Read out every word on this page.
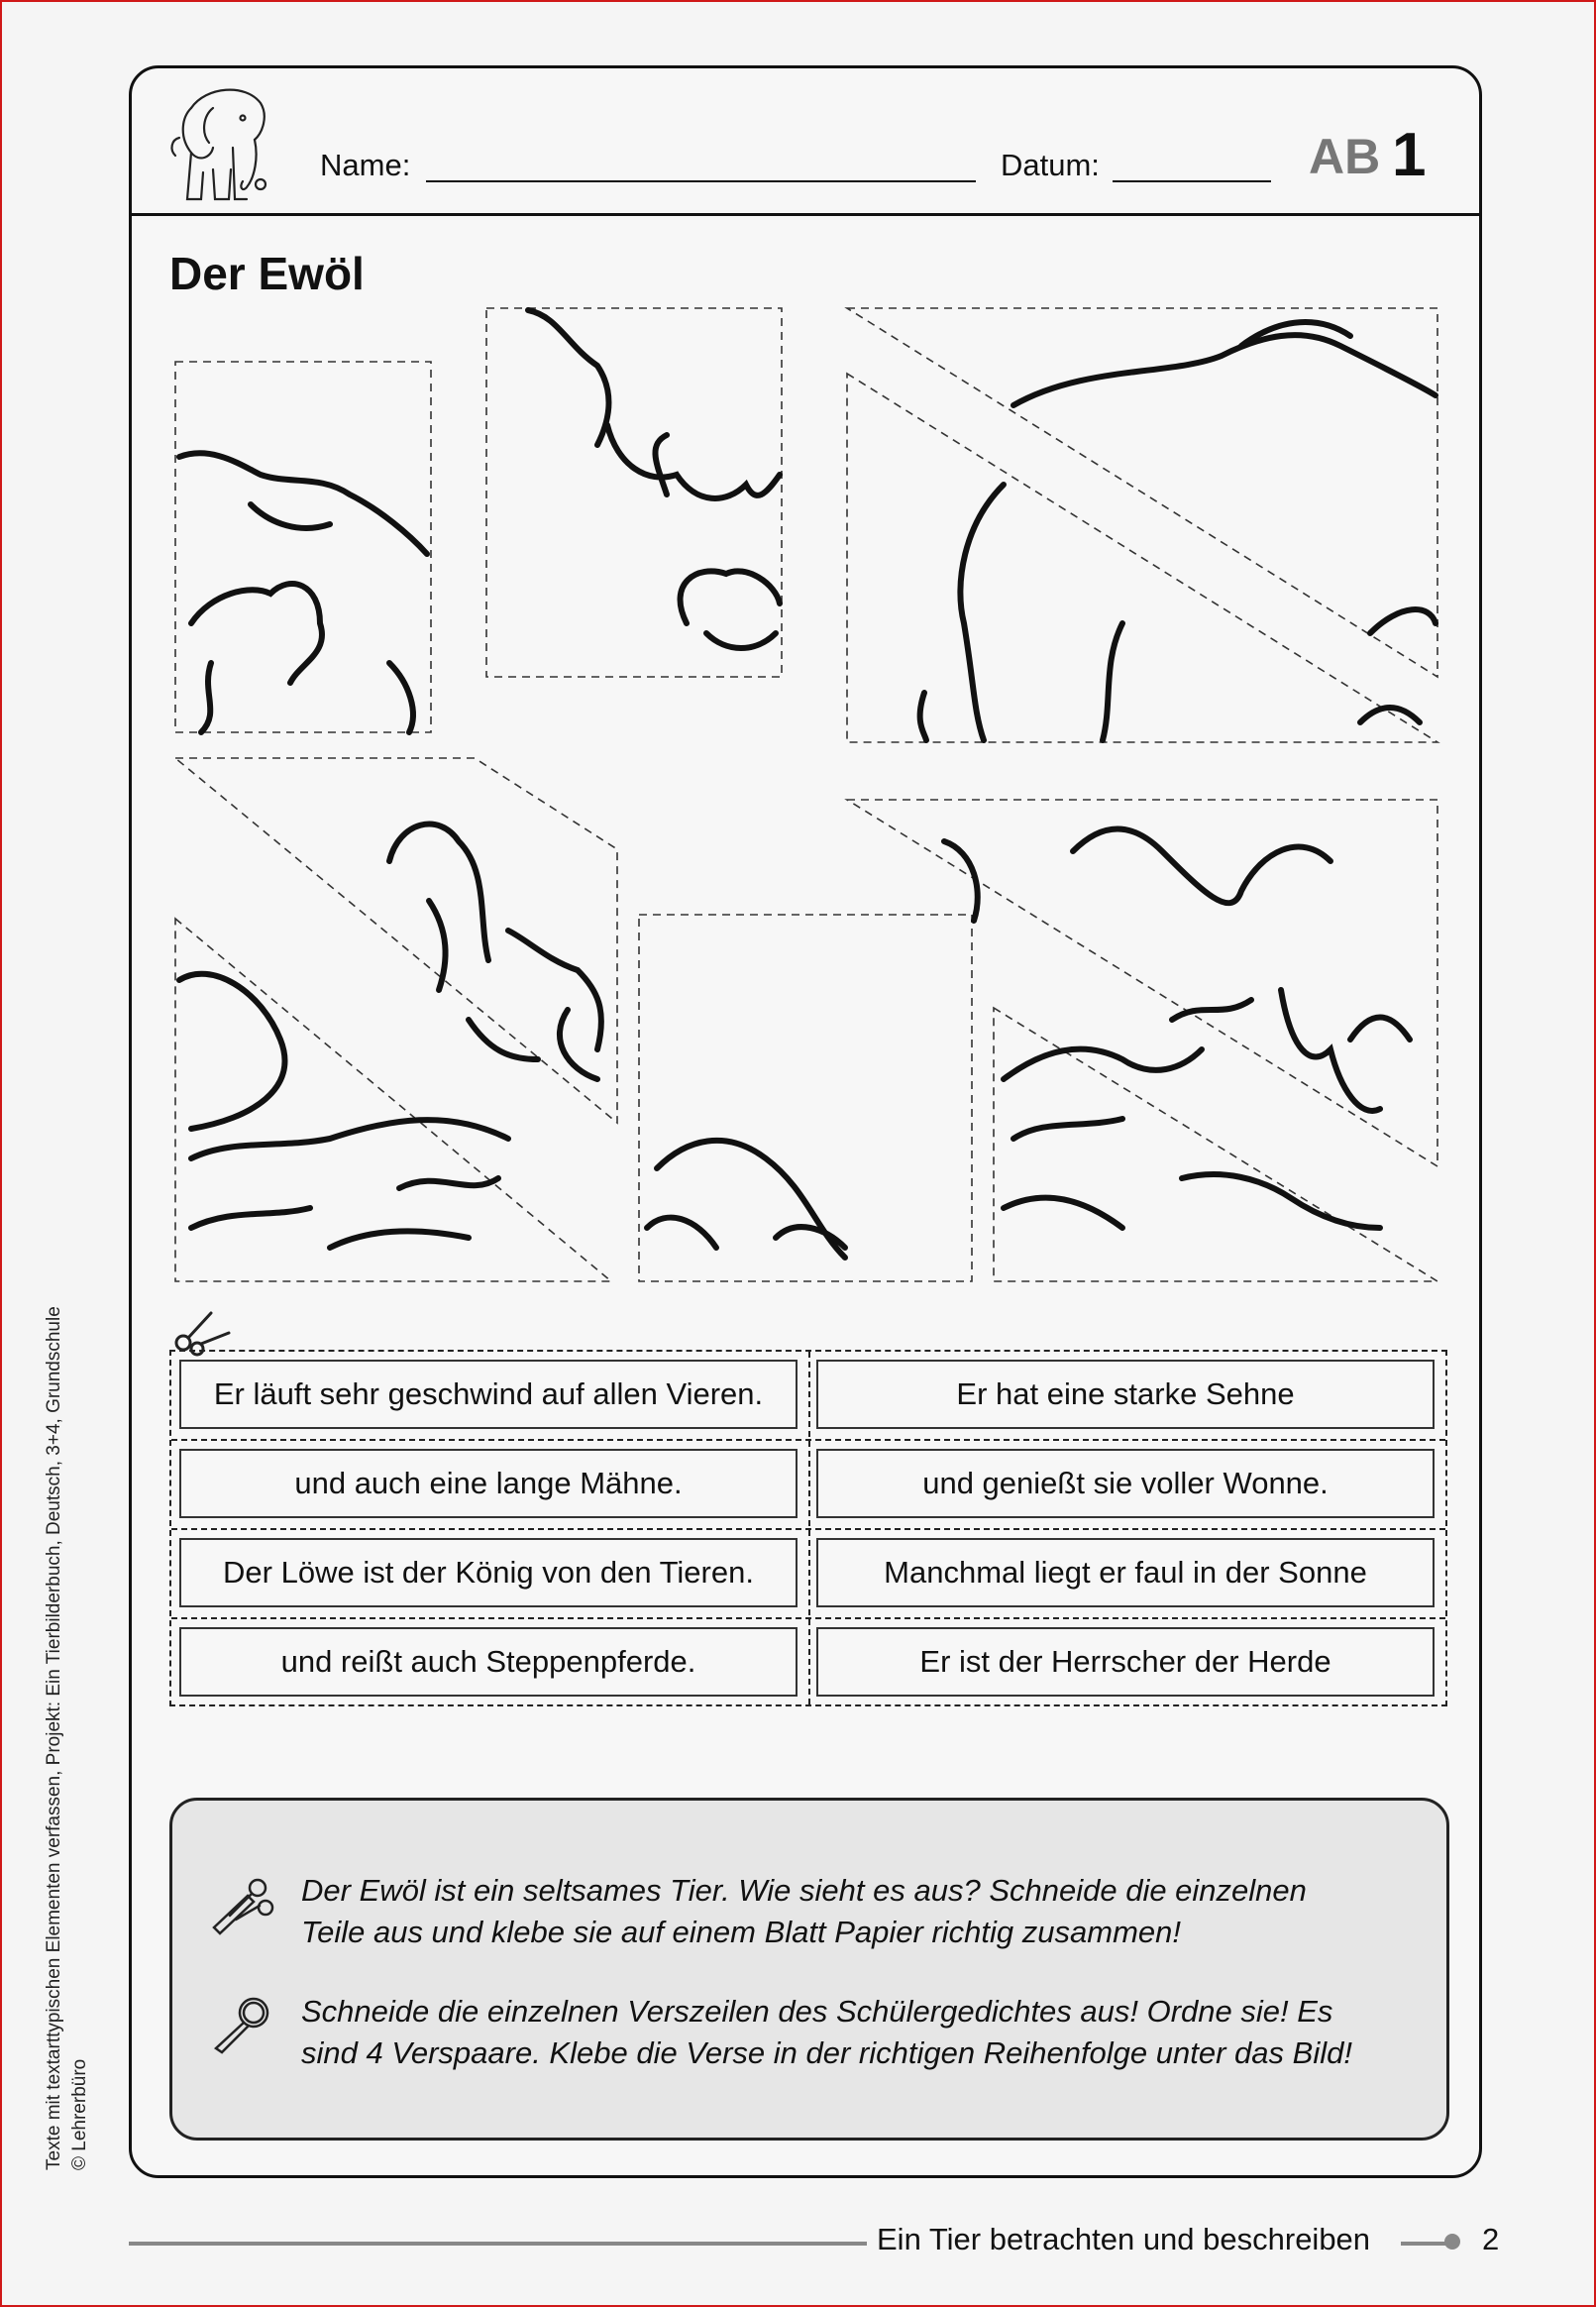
Name:	Datum:	AB 1
Der Ewöl
Er läuft sehr geschwind auf allen Vieren.	Er hat eine starke Sehne
und auch eine lange Mähne.	und genießt sie voller Wonne.
Der Löwe ist der König von den Tieren.	Manchmal liegt er faul in der Sonne
und reißt auch Steppenpferde.	Er ist der Herrscher der Herde
Der Ewöl ist ein seltsames Tier. Wie sieht es aus? Schneide die einzelnen
Teile aus und klebe sie auf einem Blatt Papier richtig zusammen!
Schneide die einzelnen Verszeilen des Schülergedichtes aus! Ordne sie! Es
sind 4 Verspaare. Klebe die Verse in der richtigen Reihenfolge unter das Bild!
Texte mit textarttypischen Elementen verfassen, Projekt: Ein Tierbilderbuch, Deutsch, 3+4, Grundschule © Lehrerbüro
Ein Tier betrachten und beschreiben	2
